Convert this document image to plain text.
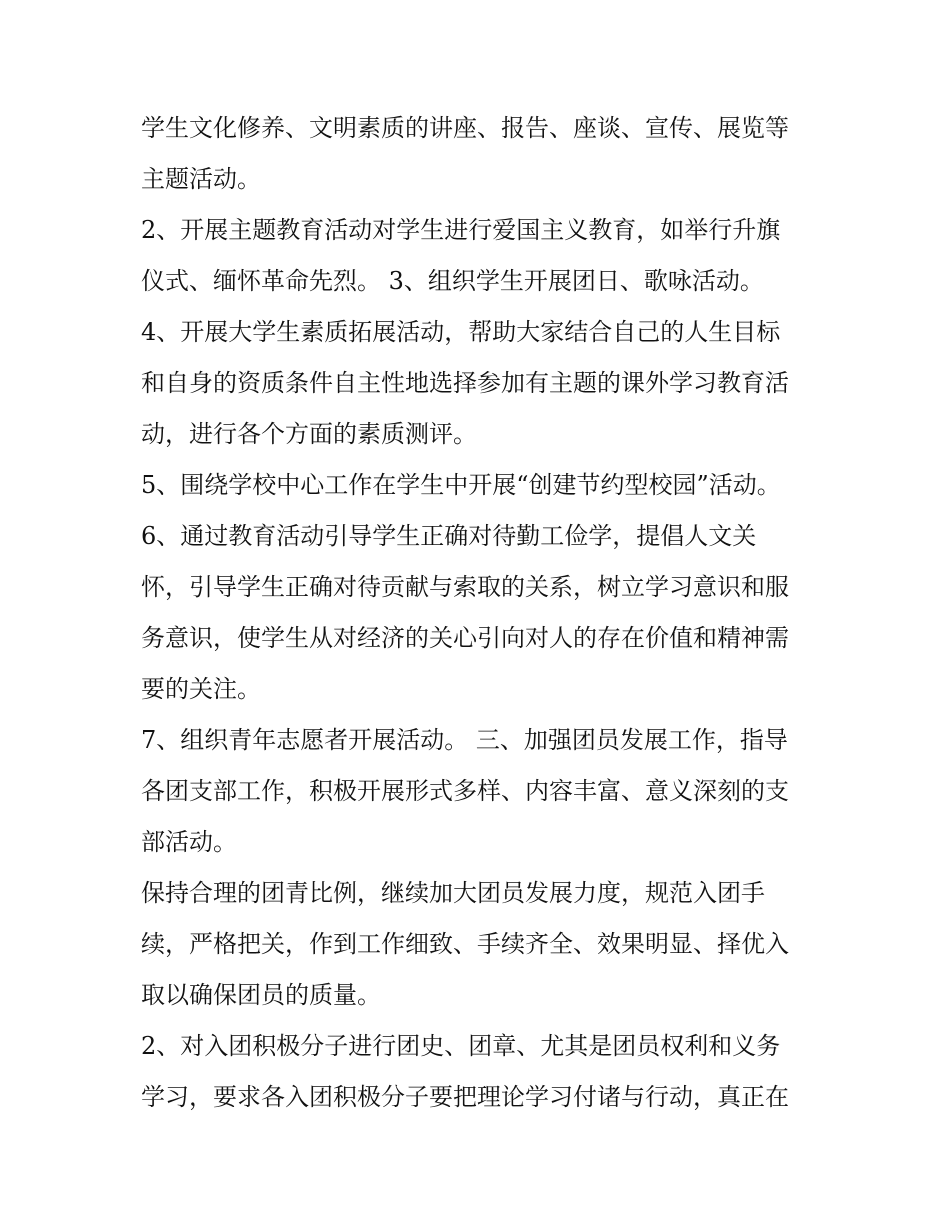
学生文化修养、文明素质的讲座、报告、座谈、宣传、展览等

主题活动。

2、开展主题教育活动对学生进行爱国主义教育，如举行升旗

仪式、缅怀革命先烈。 3、组织学生开展团日、歌咏活动。

4、开展大学生素质拓展活动，帮助大家结合自己的人生目标

和自身的资质条件自主性地选择参加有主题的课外学习教育活

动，进行各个方面的素质测评。

5、围绕学校中心工作在学生中开展“创建节约型校园”活动。

6、通过教育活动引导学生正确对待勤工俭学，提倡人文关

怀，引导学生正确对待贡献与索取的关系，树立学习意识和服

务意识，使学生从对经济的关心引向对人的存在价值和精神需

要的关注。

7、组织青年志愿者开展活动。 三、加强团员发展工作，指导

各团支部工作，积极开展形式多样、内容丰富、意义深刻的支

部活动。

保持合理的团青比例，继续加大团员发展力度，规范入团手

续，严格把关，作到工作细致、手续齐全、效果明显、择优入

取以确保团员的质量。

2、对入团积极分子进行团史、团章、尤其是团员权利和义务

学习，要求各入团积极分子要把理论学习付诸与行动，真正在
